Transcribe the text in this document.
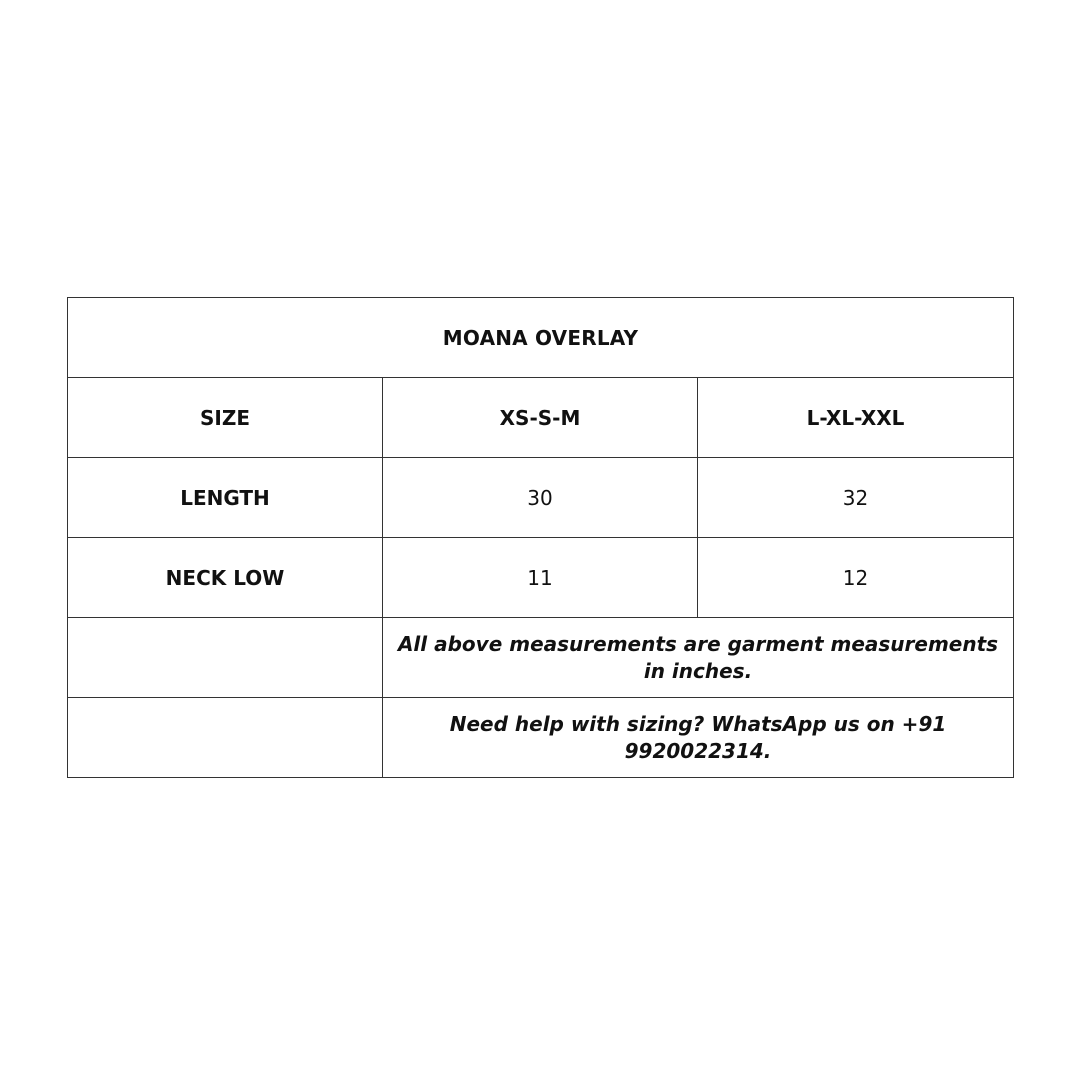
MOANA OVERLAY		
SIZE	XS-S-M	L-XL-XXL
LENGTH	30	32
NECK LOW	11	12
	All above measurements are garment measurements in inches.	
	Need help with sizing? WhatsApp us on +91 9920022314.	
